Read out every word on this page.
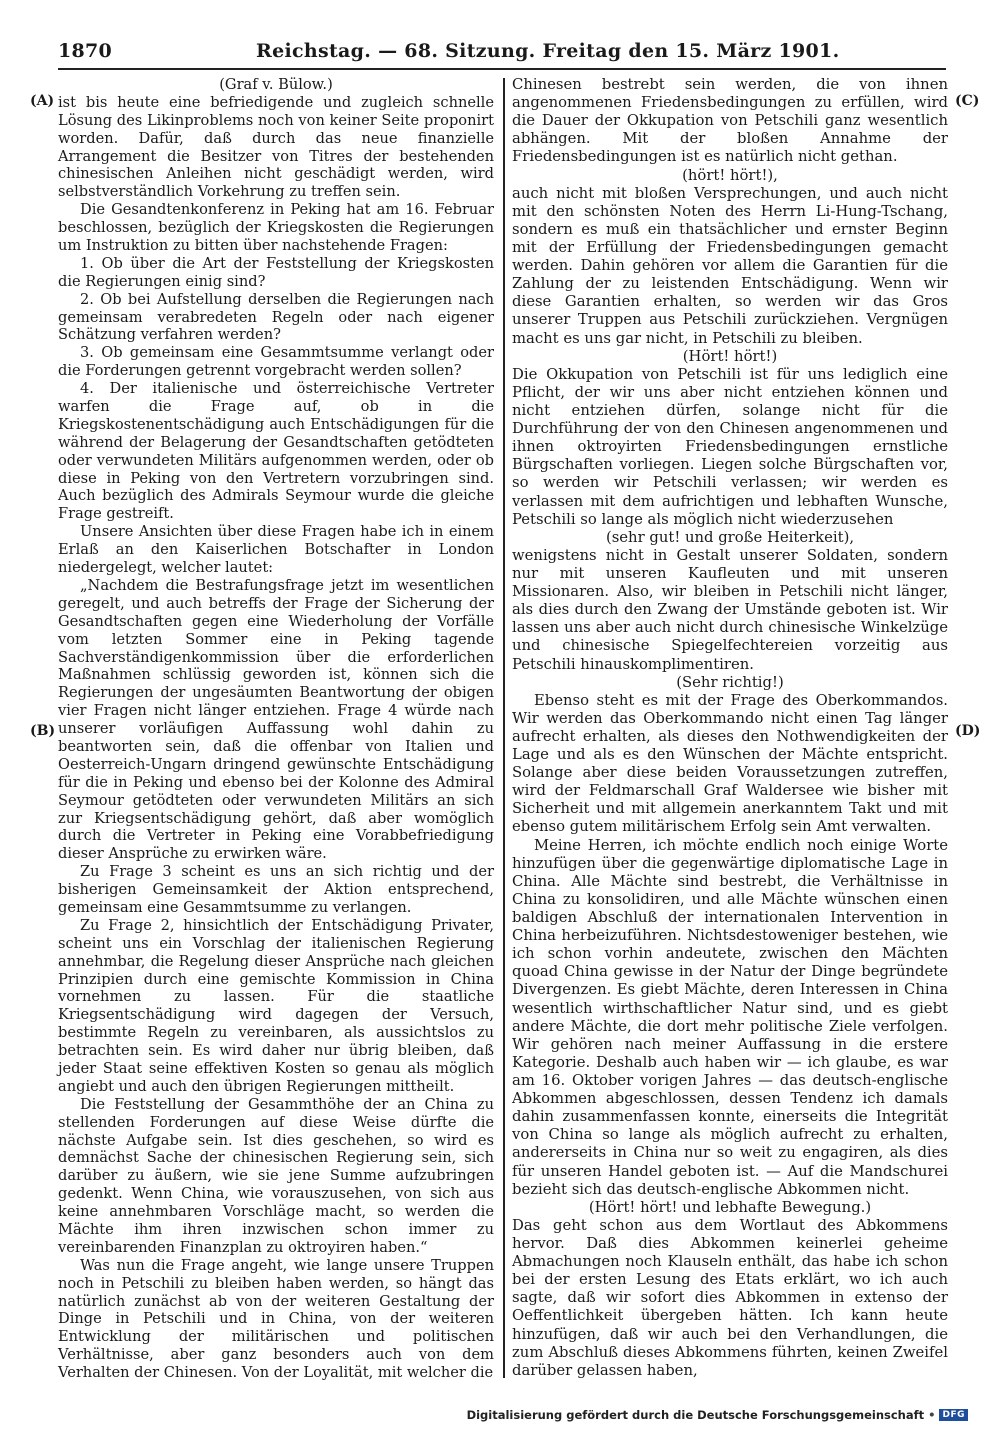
1870	Reichstag. — 68. Sitzung. Freitag den 15. März 1901.
(A)
(B)
(C)
(D)

(Graf v. Bülow.)

ist bis heute eine befriedigende und zugleich schnelle Lösung des Likinproblems noch von keiner Seite proponirt worden. Dafür, daß durch das neue finanzielle Arrangement die Besitzer von Titres der bestehenden chinesischen Anleihen nicht geschädigt werden, wird selbstverständlich Vorkehrung zu treffen sein.

Die Gesandtenkonferenz in Peking hat am 16. Februar beschlossen, bezüglich der Kriegskosten die Regierungen um Instruktion zu bitten über nachstehende Fragen:

1. Ob über die Art der Feststellung der Kriegskosten die Regierungen einig sind?

2. Ob bei Aufstellung derselben die Regierungen nach gemeinsam verabredeten Regeln oder nach eigener Schätzung verfahren werden?

3. Ob gemeinsam eine Gesammtsumme verlangt oder die Forderungen getrennt vorgebracht werden sollen?

4. Der italienische und österreichische Vertreter warfen die Frage auf, ob in die Kriegskostenentschädigung auch Entschädigungen für die während der Belagerung der Gesandtschaften getödteten oder verwundeten Militärs aufgenommen werden, oder ob diese in Peking von den Vertretern vorzubringen sind. Auch bezüglich des Admirals Seymour wurde die gleiche Frage gestreift.

Unsere Ansichten über diese Fragen habe ich in einem Erlaß an den Kaiserlichen Botschafter in London niedergelegt, welcher lautet:

„Nachdem die Bestrafungsfrage jetzt im wesentlichen geregelt, und auch betreffs der Frage der Sicherung der Gesandtschaften gegen eine Wiederholung der Vorfälle vom letzten Sommer eine in Peking tagende Sachverständigenkommission über die erforderlichen Maßnahmen schlüssig geworden ist, können sich die Regierungen der ungesäumten Beantwortung der obigen vier Fragen nicht länger entziehen. Frage 4 würde nach unserer vorläufigen Auffassung wohl dahin zu beantworten sein, daß die offenbar von Italien und Oesterreich-Ungarn dringend gewünschte Entschädigung für die in Peking und ebenso bei der Kolonne des Admiral Seymour getödteten oder verwundeten Militärs an sich zur Kriegsentschädigung gehört, daß aber womöglich durch die Vertreter in Peking eine Vorabbefriedigung dieser Ansprüche zu erwirken wäre.

Zu Frage 3 scheint es uns an sich richtig und der bisherigen Gemeinsamkeit der Aktion entsprechend, gemeinsam eine Gesammtsumme zu verlangen.

Zu Frage 2, hinsichtlich der Entschädigung Privater, scheint uns ein Vorschlag der italienischen Regierung annehmbar, die Regelung dieser Ansprüche nach gleichen Prinzipien durch eine gemischte Kommission in China vornehmen zu lassen. Für die staatliche Kriegsentschädigung wird dagegen der Versuch, bestimmte Regeln zu vereinbaren, als aussichtslos zu betrachten sein. Es wird daher nur übrig bleiben, daß jeder Staat seine effektiven Kosten so genau als möglich angiebt und auch den übrigen Regierungen mittheilt.

Die Feststellung der Gesammthöhe der an China zu stellenden Forderungen auf diese Weise dürfte die nächste Aufgabe sein. Ist dies geschehen, so wird es demnächst Sache der chinesischen Regierung sein, sich darüber zu äußern, wie sie jene Summe aufzubringen gedenkt. Wenn China, wie vorauszusehen, von sich aus keine annehmbaren Vorschläge macht, so werden die Mächte ihm ihren inzwischen schon immer zu vereinbarenden Finanzplan zu oktroyiren haben.“

Was nun die Frage angeht, wie lange unsere Truppen noch in Petschili zu bleiben haben werden, so hängt das natürlich zunächst ab von der weiteren Gestaltung der Dinge in Petschili und in China, von der weiteren Entwicklung der militärischen und politischen Verhältnisse, aber ganz besonders auch von dem Verhalten der Chinesen. Von der Loyalität, mit welcher die

Chinesen bestrebt sein werden, die von ihnen angenommenen Friedensbedingungen zu erfüllen, wird die Dauer der Okkupation von Petschili ganz wesentlich abhängen. Mit der bloßen Annahme der Friedensbedingungen ist es natürlich nicht gethan.

(hört! hört!),

auch nicht mit bloßen Versprechungen, und auch nicht mit den schönsten Noten des Herrn Li-Hung-Tschang, sondern es muß ein thatsächlicher und ernster Beginn mit der Erfüllung der Friedensbedingungen gemacht werden. Dahin gehören vor allem die Garantien für die Zahlung der zu leistenden Entschädigung. Wenn wir diese Garantien erhalten, so werden wir das Gros unserer Truppen aus Petschili zurückziehen. Vergnügen macht es uns gar nicht, in Petschili zu bleiben.

(Hört! hört!)

Die Okkupation von Petschili ist für uns lediglich eine Pflicht, der wir uns aber nicht entziehen können und nicht entziehen dürfen, solange nicht für die Durchführung der von den Chinesen angenommenen und ihnen oktroyirten Friedensbedingungen ernstliche Bürgschaften vorliegen. Liegen solche Bürgschaften vor, so werden wir Petschili verlassen; wir werden es verlassen mit dem aufrichtigen und lebhaften Wunsche, Petschili so lange als möglich nicht wiederzusehen

(sehr gut! und große Heiterkeit),

wenigstens nicht in Gestalt unserer Soldaten, sondern nur mit unseren Kaufleuten und mit unseren Missionaren. Also, wir bleiben in Petschili nicht länger, als dies durch den Zwang der Umstände geboten ist. Wir lassen uns aber auch nicht durch chinesische Winkelzüge und chinesische Spiegelfechtereien vorzeitig aus Petschili hinauskomplimentiren.

(Sehr richtig!)

Ebenso steht es mit der Frage des Oberkommandos. Wir werden das Oberkommando nicht einen Tag länger aufrecht erhalten, als dieses den Nothwendigkeiten der Lage und als es den Wünschen der Mächte entspricht. Solange aber diese beiden Voraussetzungen zutreffen, wird der Feldmarschall Graf Waldersee wie bisher mit Sicherheit und mit allgemein anerkanntem Takt und mit ebenso gutem militärischem Erfolg sein Amt verwalten.

Meine Herren, ich möchte endlich noch einige Worte hinzufügen über die gegenwärtige diplomatische Lage in China. Alle Mächte sind bestrebt, die Verhältnisse in China zu konsolidiren, und alle Mächte wünschen einen baldigen Abschluß der internationalen Intervention in China herbeizuführen. Nichtsdestoweniger bestehen, wie ich schon vorhin andeutete, zwischen den Mächten quoad China gewisse in der Natur der Dinge begründete Divergenzen. Es giebt Mächte, deren Interessen in China wesentlich wirthschaftlicher Natur sind, und es giebt andere Mächte, die dort mehr politische Ziele verfolgen. Wir gehören nach meiner Auffassung in die erstere Kategorie. Deshalb auch haben wir — ich glaube, es war am 16. Oktober vorigen Jahres — das deutsch-englische Abkommen abgeschlossen, dessen Tendenz ich damals dahin zusammenfassen konnte, einerseits die Integrität von China so lange als möglich aufrecht zu erhalten, andererseits in China nur so weit zu engagiren, als dies für unseren Handel geboten ist. — Auf die Mandschurei bezieht sich das deutsch-englische Abkommen nicht.

(Hört! hört! und lebhafte Bewegung.)

Das geht schon aus dem Wortlaut des Abkommens hervor. Daß dies Abkommen keinerlei geheime Abmachungen noch Klauseln enthält, das habe ich schon bei der ersten Lesung des Etats erklärt, wo ich auch sagte, daß wir sofort dies Abkommen in extenso der Oeffentlichkeit übergeben hätten. Ich kann heute hinzufügen, daß wir auch bei den Verhandlungen, die zum Abschluß dieses Abkommens führten, keinen Zweifel darüber gelassen haben,

Digitalisierung gefördert durch die Deutsche Forschungsgemeinschaft • DFG
